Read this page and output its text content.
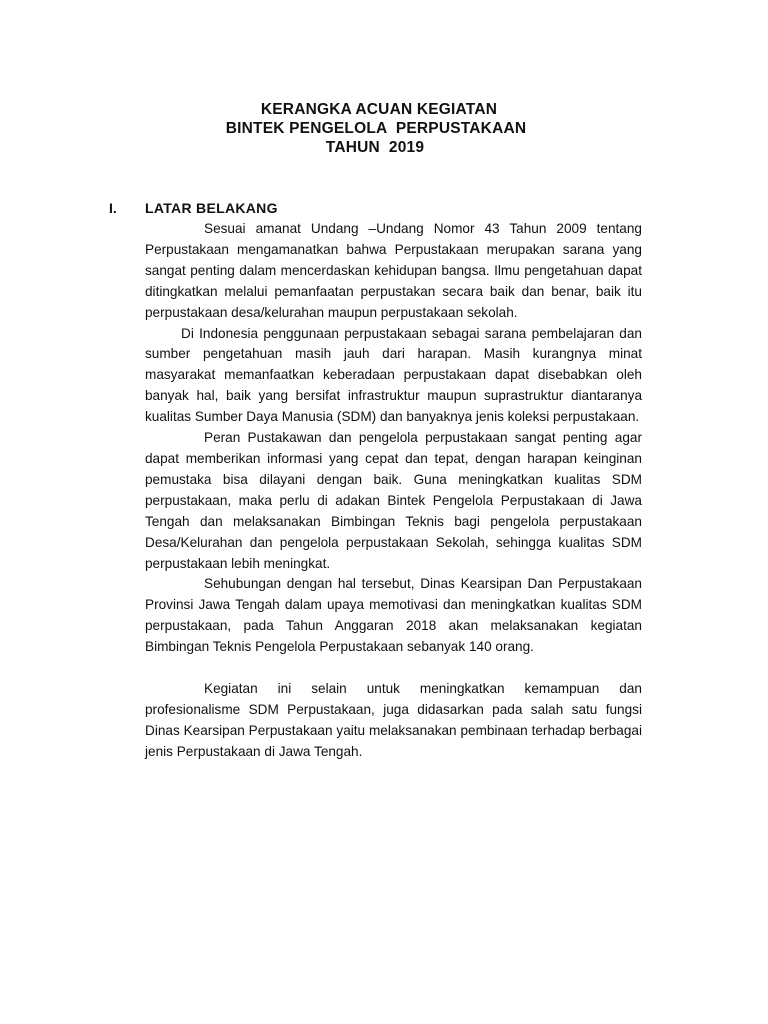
KERANGKA ACUAN KEGIATAN
BINTEK PENGELOLA  PERPUSTAKAAN
TAHUN  2019
I. LATAR BELAKANG

Sesuai amanat Undang –Undang Nomor 43 Tahun 2009 tentang Perpustakaan mengamanatkan bahwa Perpustakaan merupakan sarana yang sangat penting dalam mencerdaskan kehidupan bangsa. Ilmu pengetahuan dapat ditingkatkan melalui pemanfaatan perpustakan secara baik dan benar, baik itu perpustakaan desa/kelurahan maupun perpustakaan sekolah.

Di Indonesia penggunaan perpustakaan sebagai sarana pembelajaran dan sumber pengetahuan masih jauh dari harapan. Masih kurangnya minat masyarakat memanfaatkan keberadaan perpustakaan dapat disebabkan oleh banyak hal, baik yang bersifat infrastruktur maupun suprastruktur diantaranya kualitas Sumber Daya Manusia (SDM) dan banyaknya jenis koleksi perpustakaan.

Peran Pustakawan dan pengelola perpustakaan sangat penting agar dapat memberikan informasi yang cepat dan tepat, dengan harapan keinginan pemustaka bisa dilayani dengan baik. Guna meningkatkan kualitas SDM perpustakaan, maka perlu di adakan Bintek Pengelola Perpustakaan di Jawa Tengah dan melaksanakan Bimbingan Teknis bagi pengelola perpustakaan Desa/Kelurahan dan pengelola perpustakaan Sekolah, sehingga kualitas SDM perpustakaan lebih meningkat.

Sehubungan dengan hal tersebut, Dinas Kearsipan Dan Perpustakaan Provinsi Jawa Tengah dalam upaya memotivasi dan meningkatkan kualitas SDM perpustakaan, pada Tahun Anggaran 2018 akan melaksanakan kegiatan Bimbingan Teknis Pengelola Perpustakaan sebanyak 140 orang.

Kegiatan ini selain untuk meningkatkan kemampuan dan profesionalisme SDM Perpustakaan, juga didasarkan pada salah satu fungsi Dinas Kearsipan Perpustakaan yaitu melaksanakan pembinaan terhadap berbagai jenis Perpustakaan di Jawa Tengah.
